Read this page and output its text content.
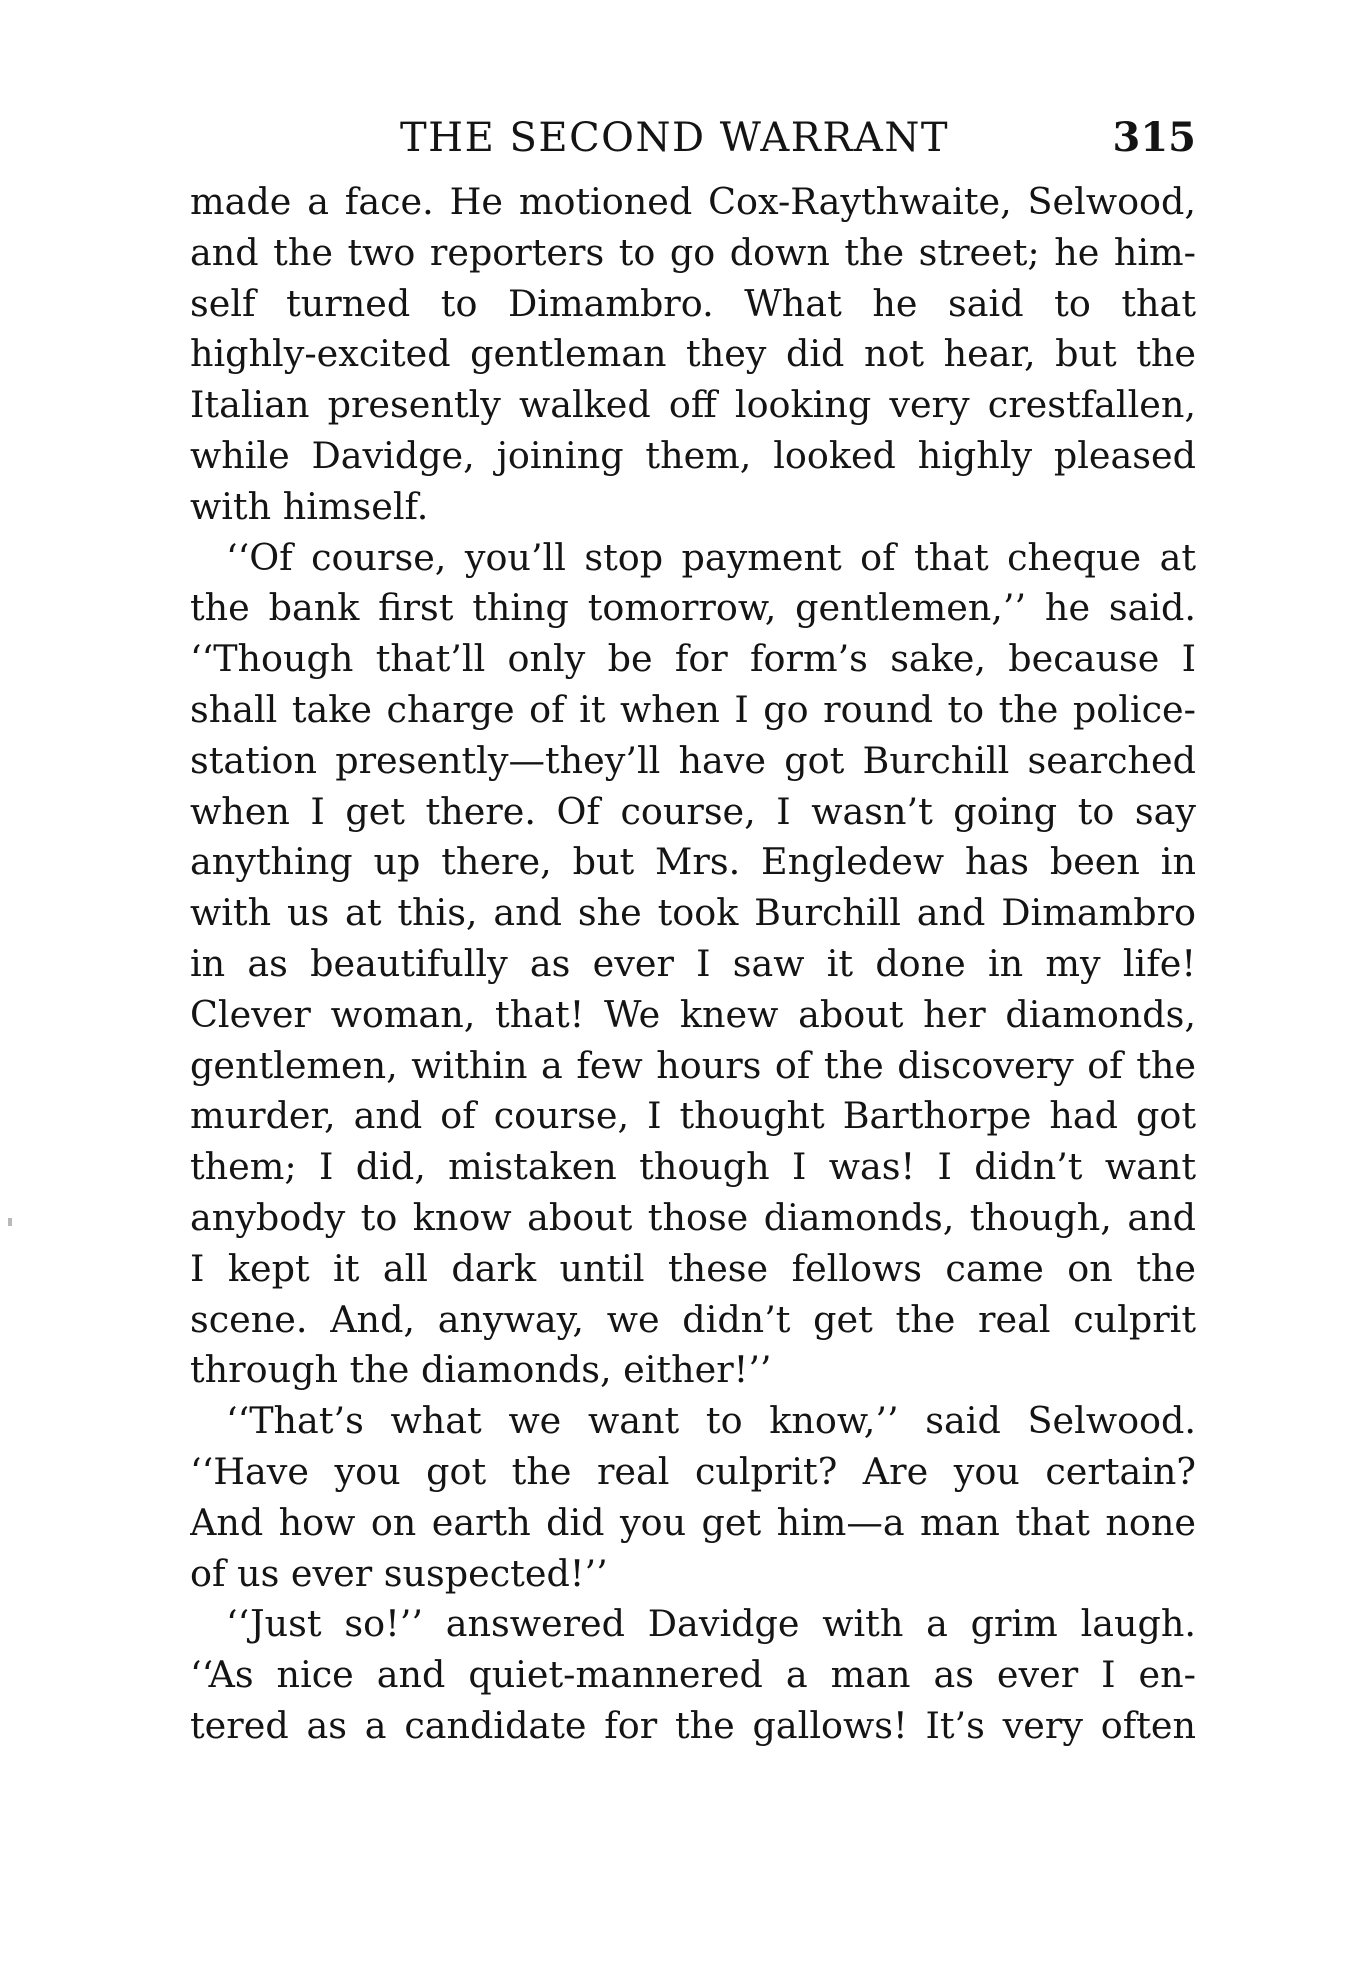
THE SECOND WARRANT	315
made a face. He motioned Cox-Raythwaite, Selwood,
and the two reporters to go down the street; he him-
self turned to Dimambro. What he said to that
highly-excited gentleman they did not hear, but the
Italian presently walked off looking very crestfallen,
while Davidge, joining them, looked highly pleased
with himself.
‘‘Of course, you’ll stop payment of that cheque at
the bank first thing tomorrow, gentlemen,’’ he said.
‘‘Though that’ll only be for form’s sake, because I
shall take charge of it when I go round to the police-
station presently—they’ll have got Burchill searched
when I get there. Of course, I wasn’t going to say
anything up there, but Mrs. Engledew has been in
with us at this, and she took Burchill and Dimambro
in as beautifully as ever I saw it done in my life!
Clever woman, that! We knew about her diamonds,
gentlemen, within a few hours of the discovery of the
murder, and of course, I thought Barthorpe had got
them; I did, mistaken though I was! I didn’t want
anybody to know about those diamonds, though, and
I kept it all dark until these fellows came on the
scene. And, anyway, we didn’t get the real culprit
through the diamonds, either!’’
‘‘That’s what we want to know,’’ said Selwood.
‘‘Have you got the real culprit? Are you certain?
And how on earth did you get him—a man that none
of us ever suspected!’’
‘‘Just so!’’ answered Davidge with a grim laugh.
‘‘As nice and quiet-mannered a man as ever I en-
tered as a candidate for the gallows! It’s very often
